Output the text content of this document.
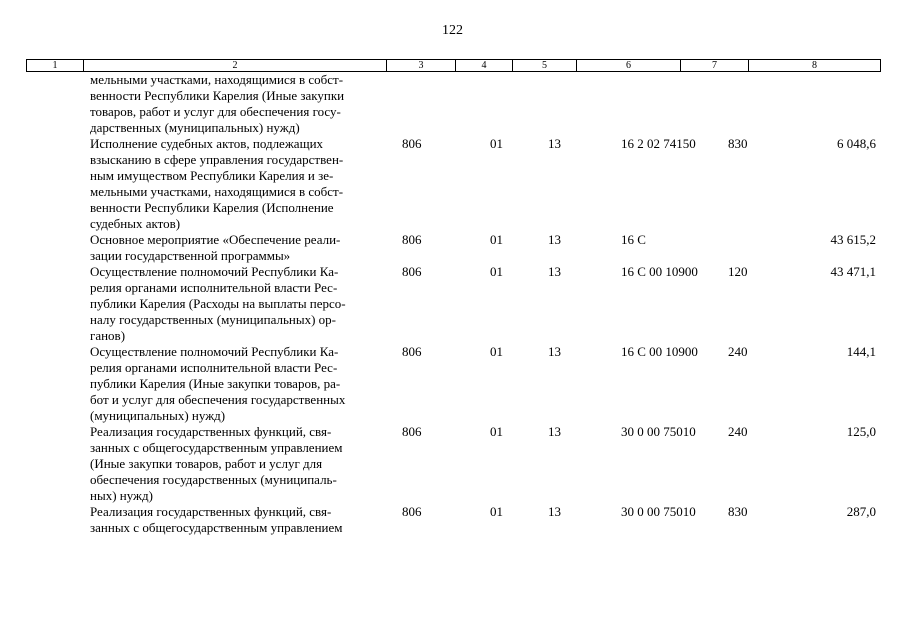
122
1	2	3	4	5	6	7	8
мельными участками, находящимися в собст-
венности Республики Карелия (Иные закупки
товаров, работ и услуг для обеспечения госу-
дарственных (муниципальных) нужд)
Исполнение судебных актов, подлежащих
взысканию в сфере управления государствен-
ным имуществом Республики Карелия и зе-
мельными участками, находящимися в собст-
венности Республики Карелия (Исполнение
судебных актов)
806	01	13	16 2 02 74150 830	6 048,6
Основное мероприятие «Обеспечение реали-
зации государственной программы»
806	01	13	16 С	43 615,2
Осуществление полномочий Республики Ка-
релия органами исполнительной власти Рес-
публики Карелия (Расходы на выплаты персо-
налу государственных (муниципальных) ор-
ганов)
806	01	13	16 С 00 10900 120	43 471,1
Осуществление полномочий Республики Ка-
релия органами исполнительной власти Рес-
публики Карелия (Иные закупки товаров, ра-
бот и услуг для обеспечения государственных
(муниципальных) нужд)
806	01	13	16 С 00 10900 240	144,1
Реализация государственных функций, свя-
занных с общегосударственным управлением
(Иные закупки товаров, работ и услуг для
обеспечения государственных (муниципаль-
ных) нужд)
806	01	13	30 0 00 75010 240	125,0
Реализация государственных функций, свя-
занных с общегосударственным управлением
806	01	13	30 0 00 75010 830	287,0
